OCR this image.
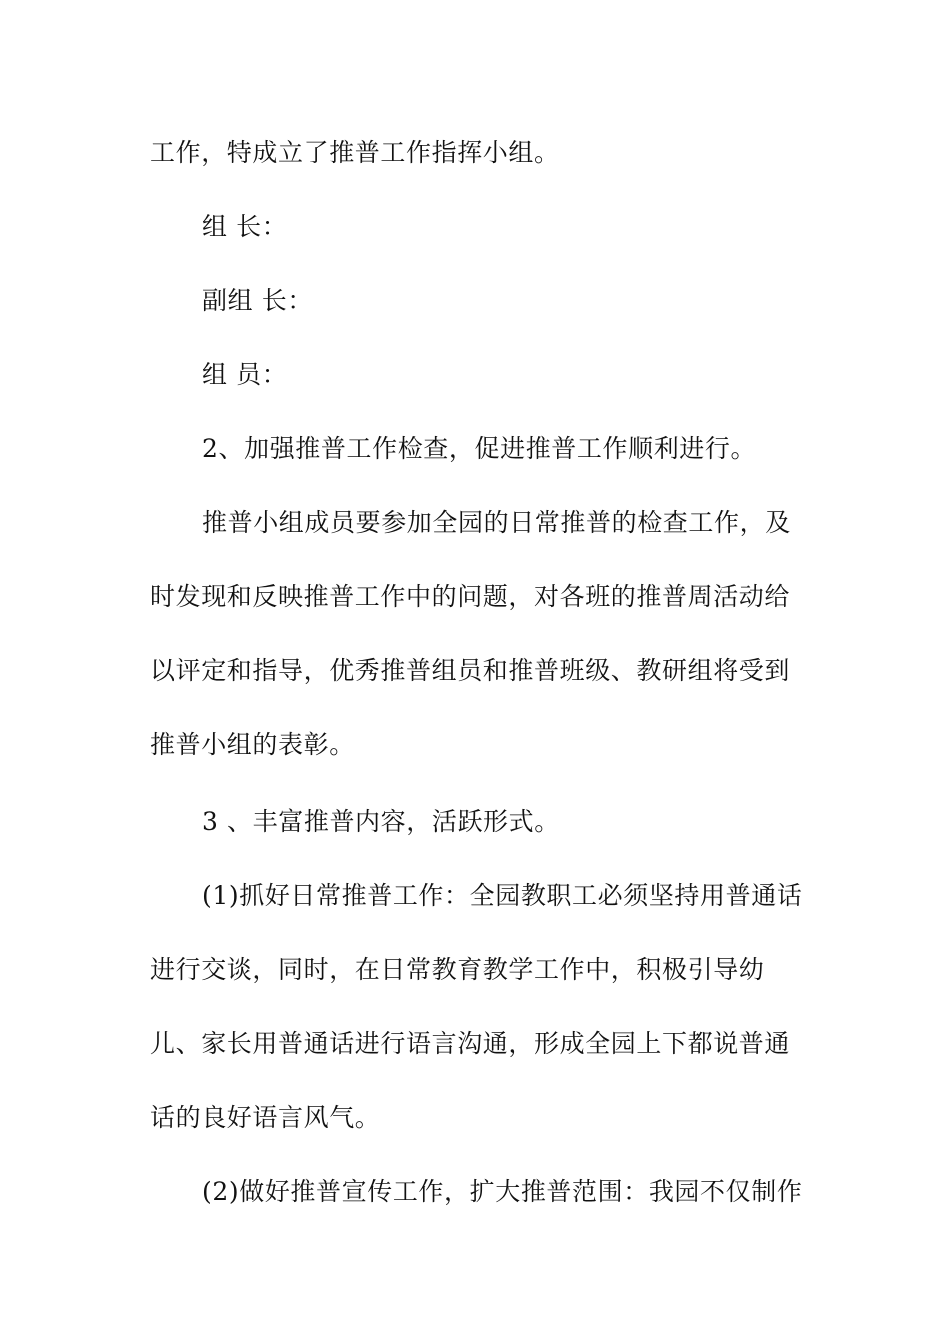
工作，特成立了推普工作指挥小组。
组 长：
副组 长：
组 员：
2、加强推普工作检查，促进推普工作顺利进行。
推普小组成员要参加全园的日常推普的检查工作，及
时发现和反映推普工作中的问题，对各班的推普周活动给
以评定和指导，优秀推普组员和推普班级、教研组将受到
推普小组的表彰。
3 、丰富推普内容，活跃形式。
(1)抓好日常推普工作：全园教职工必须坚持用普通话
进行交谈，同时，在日常教育教学工作中，积极引导幼
儿、家长用普通话进行语言沟通，形成全园上下都说普通
话的良好语言风气。
(2)做好推普宣传工作，扩大推普范围：我园不仅制作
